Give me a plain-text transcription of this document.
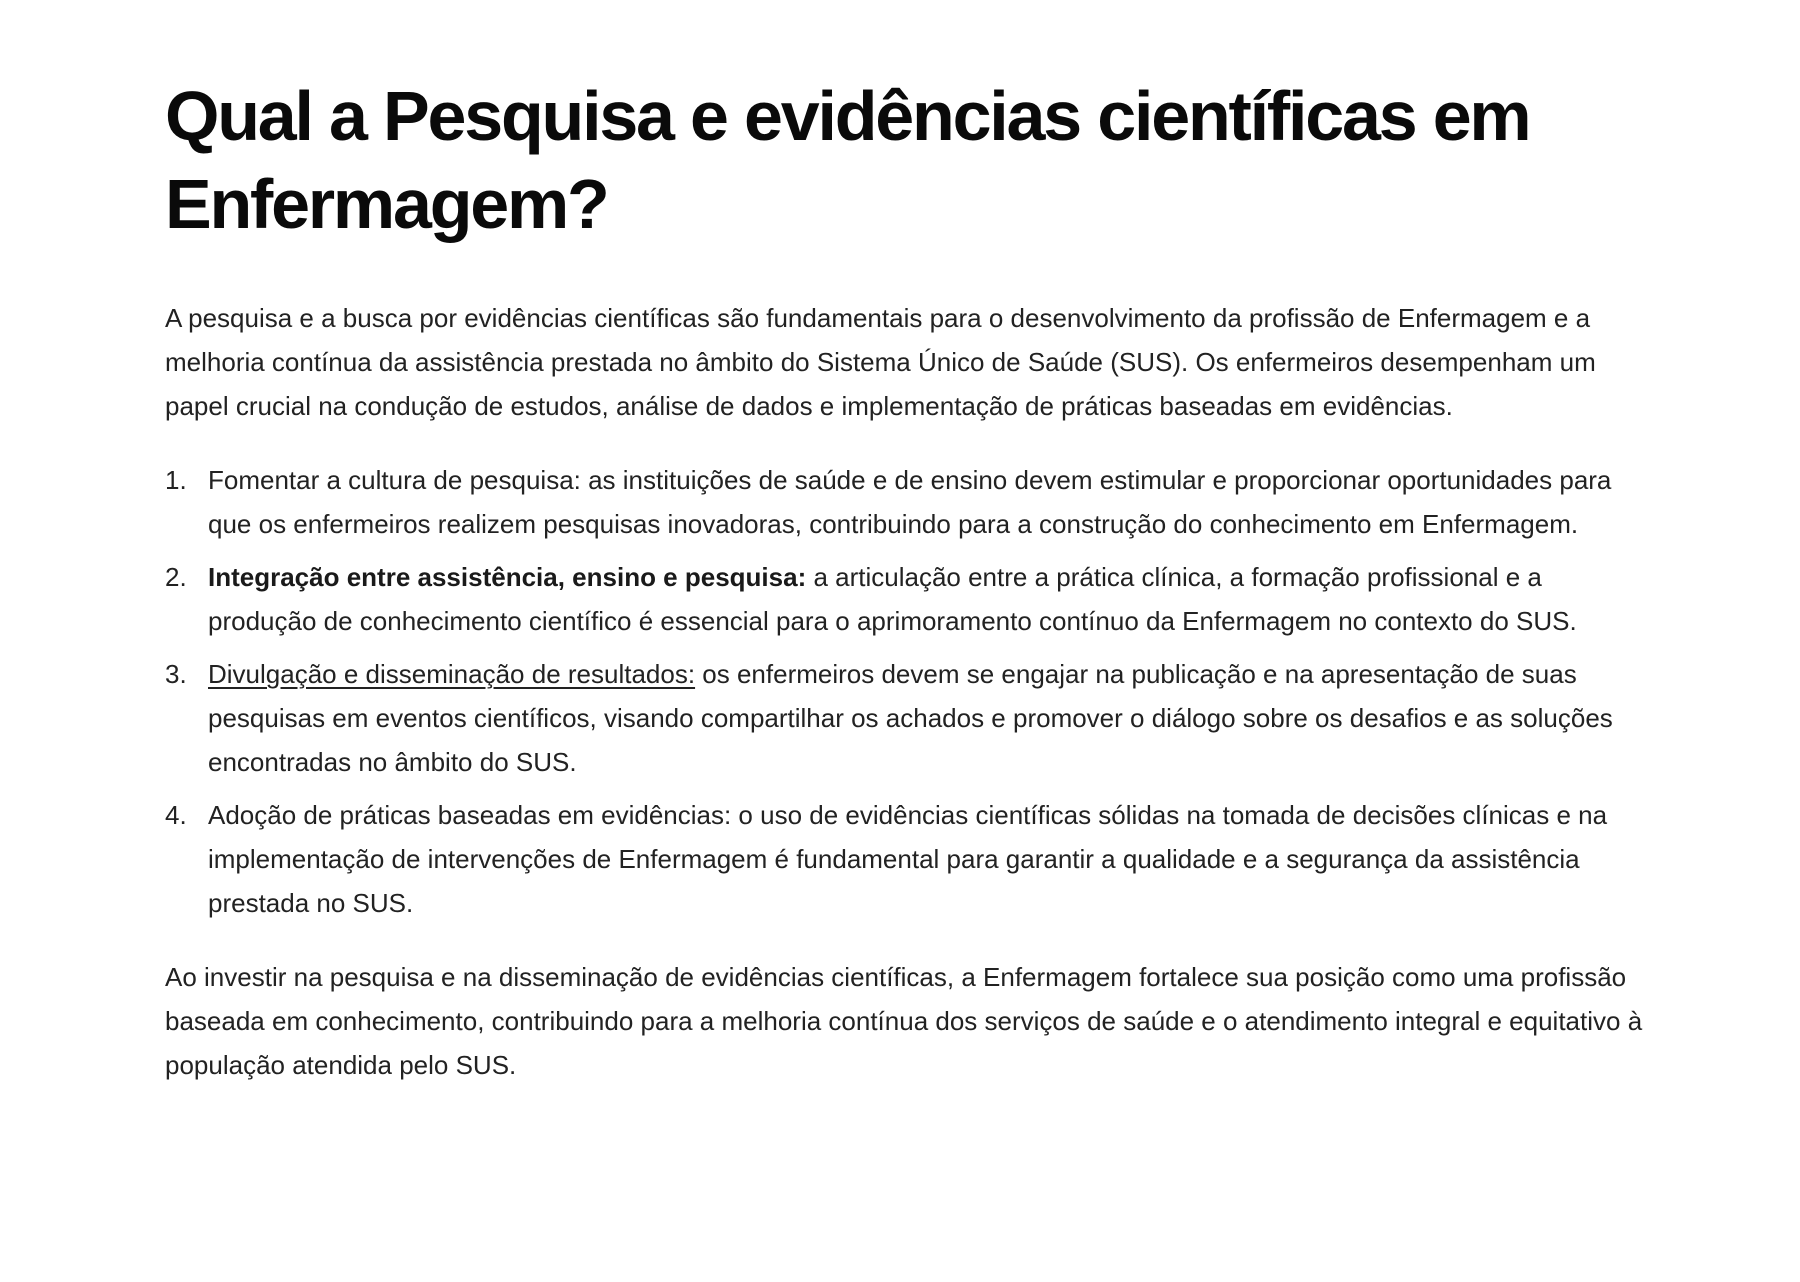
Qual a Pesquisa e evidências científicas em Enfermagem?

A pesquisa e a busca por evidências científicas são fundamentais para o desenvolvimento da profissão de Enfermagem e a melhoria contínua da assistência prestada no âmbito do Sistema Único de Saúde (SUS). Os enfermeiros desempenham um papel crucial na condução de estudos, análise de dados e implementação de práticas baseadas em evidências.

1. Fomentar a cultura de pesquisa: as instituições de saúde e de ensino devem estimular e proporcionar oportunidades para que os enfermeiros realizem pesquisas inovadoras, contribuindo para a construção do conhecimento em Enfermagem.
2. Integração entre assistência, ensino e pesquisa: a articulação entre a prática clínica, a formação profissional e a produção de conhecimento científico é essencial para o aprimoramento contínuo da Enfermagem no contexto do SUS.
3. Divulgação e disseminação de resultados: os enfermeiros devem se engajar na publicação e na apresentação de suas pesquisas em eventos científicos, visando compartilhar os achados e promover o diálogo sobre os desafios e as soluções encontradas no âmbito do SUS.
4. Adoção de práticas baseadas em evidências: o uso de evidências científicas sólidas na tomada de decisões clínicas e na implementação de intervenções de Enfermagem é fundamental para garantir a qualidade e a segurança da assistência prestada no SUS.

Ao investir na pesquisa e na disseminação de evidências científicas, a Enfermagem fortalece sua posição como uma profissão baseada em conhecimento, contribuindo para a melhoria contínua dos serviços de saúde e o atendimento integral e equitativo à população atendida pelo SUS.
